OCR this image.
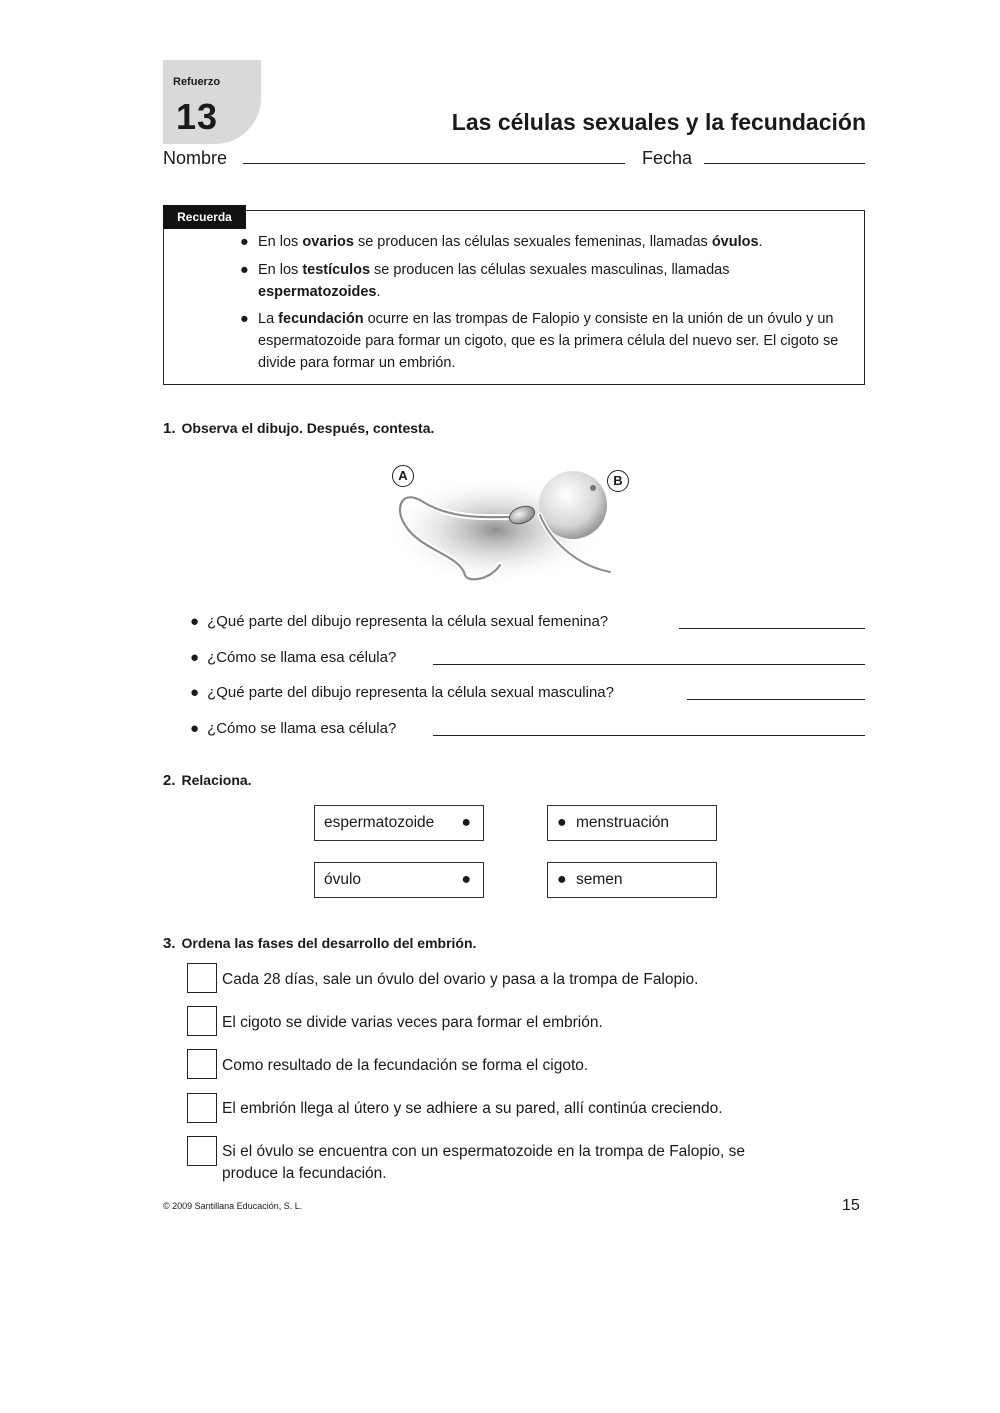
Refuerzo
13	Las células sexuales y la fecundación
Nombre	Fecha
Recuerda
● En los ovarios se producen las células sexuales femeninas, llamadas óvulos.
● En los testículos se producen las células sexuales masculinas, llamadas espermatozoides.
● La fecundación ocurre en las trompas de Falopio y consiste en la unión de un óvulo y un espermatozoide para formar un cigoto, que es la primera célula del nuevo ser. El cigoto se divide para formar un embrión.
1. Observa el dibujo. Después, contesta.
A	B
● ¿Qué parte del dibujo representa la célula sexual femenina?
● ¿Cómo se llama esa célula?
● ¿Qué parte del dibujo representa la célula sexual masculina?
● ¿Cómo se llama esa célula?
2. Relaciona.
espermatozoide ●
óvulo	●
● menstruación
● semen
3. Ordena las fases del desarrollo del embrión.
Cada 28 días, sale un óvulo del ovario y pasa a la trompa de Falopio.
El cigoto se divide varias veces para formar el embrión.
Como resultado de la fecundación se forma el cigoto.
El embrión llega al útero y se adhiere a su pared, allí continúa creciendo.
Si el óvulo se encuentra con un espermatozoide en la trompa de Falopio, se produce la fecundación.
© 2009 Santillana Educación, S. L.	15
